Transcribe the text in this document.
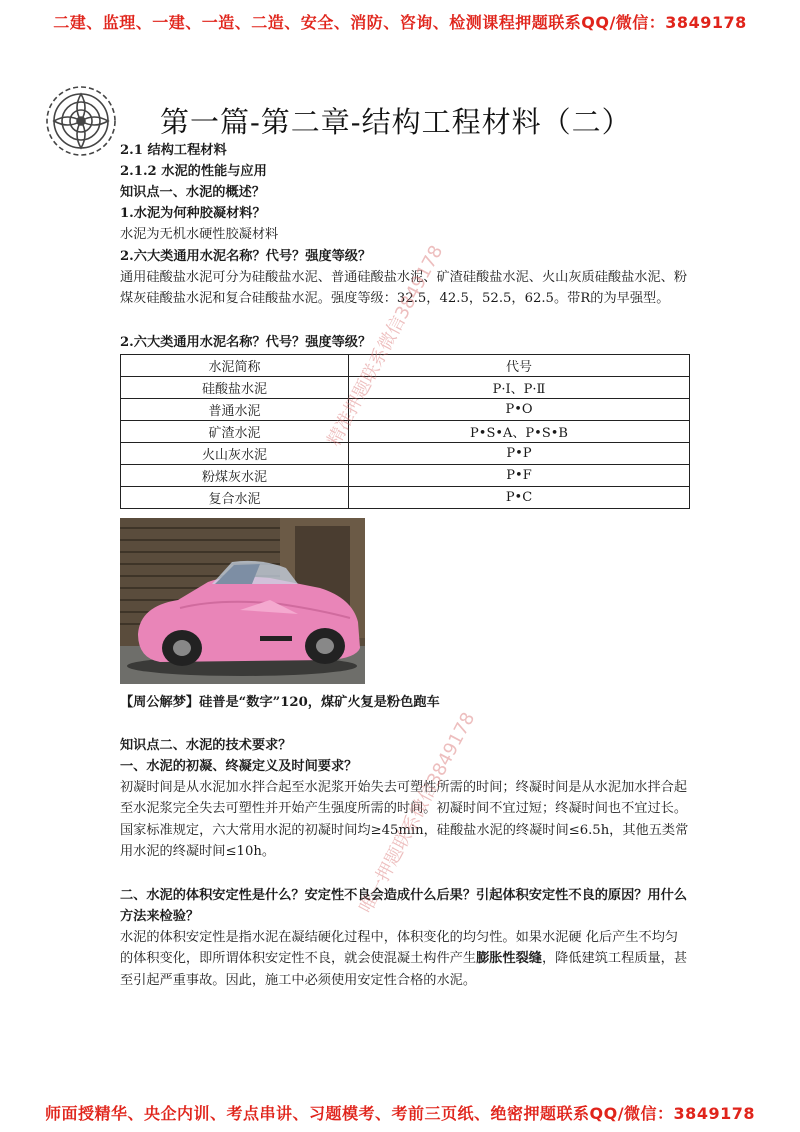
二建、监理、一建、一造、二造、安全、消防、咨询、检测课程押题联系QQ/微信：3849178
第一篇-第二章-结构工程材料（二）

2.1 结构工程材料

2.1.2 水泥的性能与应用

知识点一、水泥的概述？

1.水泥为何种胶凝材料？

水泥为无机水硬性胶凝材料

2.六大类通用水泥名称？代号？强度等级？

通用硅酸盐水泥可分为硅酸盐水泥、普通硅酸盐水泥、矿渣硅酸盐水泥、火山灰质硅酸盐水泥、粉煤灰硅酸盐水泥和复合硅酸盐水泥。强度等级：32.5，42.5，52.5，62.5。带R的为早强型。

2.六大类通用水泥名称？代号？强度等级？

水泥简称	代号
硅酸盐水泥	P·Ⅰ、P·Ⅱ
普通水泥	P•O
矿渣水泥	P•S•A、P•S•B
火山灰水泥	P•P
粉煤灰水泥	P•F
复合水泥	P•C

【周公解梦】硅普是“数字”120，煤矿火复是粉色跑车

知识点二、水泥的技术要求？

一、水泥的初凝、终凝定义及时间要求？

初凝时间是从水泥加水拌合起至水泥浆开始失去可塑性所需的时间；终凝时间是从水泥加水拌合起至水泥浆完全失去可塑性并开始产生强度所需的时间。初凝时间不宜过短；终凝时间也不宜过长。

国家标准规定，六大常用水泥的初凝时间均≥45min，硅酸盐水泥的终凝时间≤6.5h，其他五类常用水泥的终凝时间≤10h。

二、水泥的体积安定性是什么？安定性不良会造成什么后果？引起体积安定性不良的原因？用什么方法来检验？

水泥的体积安定性是指水泥在凝结硬化过程中，体积变化的均匀性。如果水泥硬 化后产生不均匀的体积变化，即所谓体积安定性不良，就会使混凝土构件产生膨胀性裂缝，降低建筑工程质量，甚至引起严重事故。因此，施工中必须使用安定性合格的水泥。

精准押题联系微信3849178
唯一押题联系微信3849178
师面授精华、央企内训、考点串讲、习题模考、考前三页纸、绝密押题联系QQ/微信：3849178
